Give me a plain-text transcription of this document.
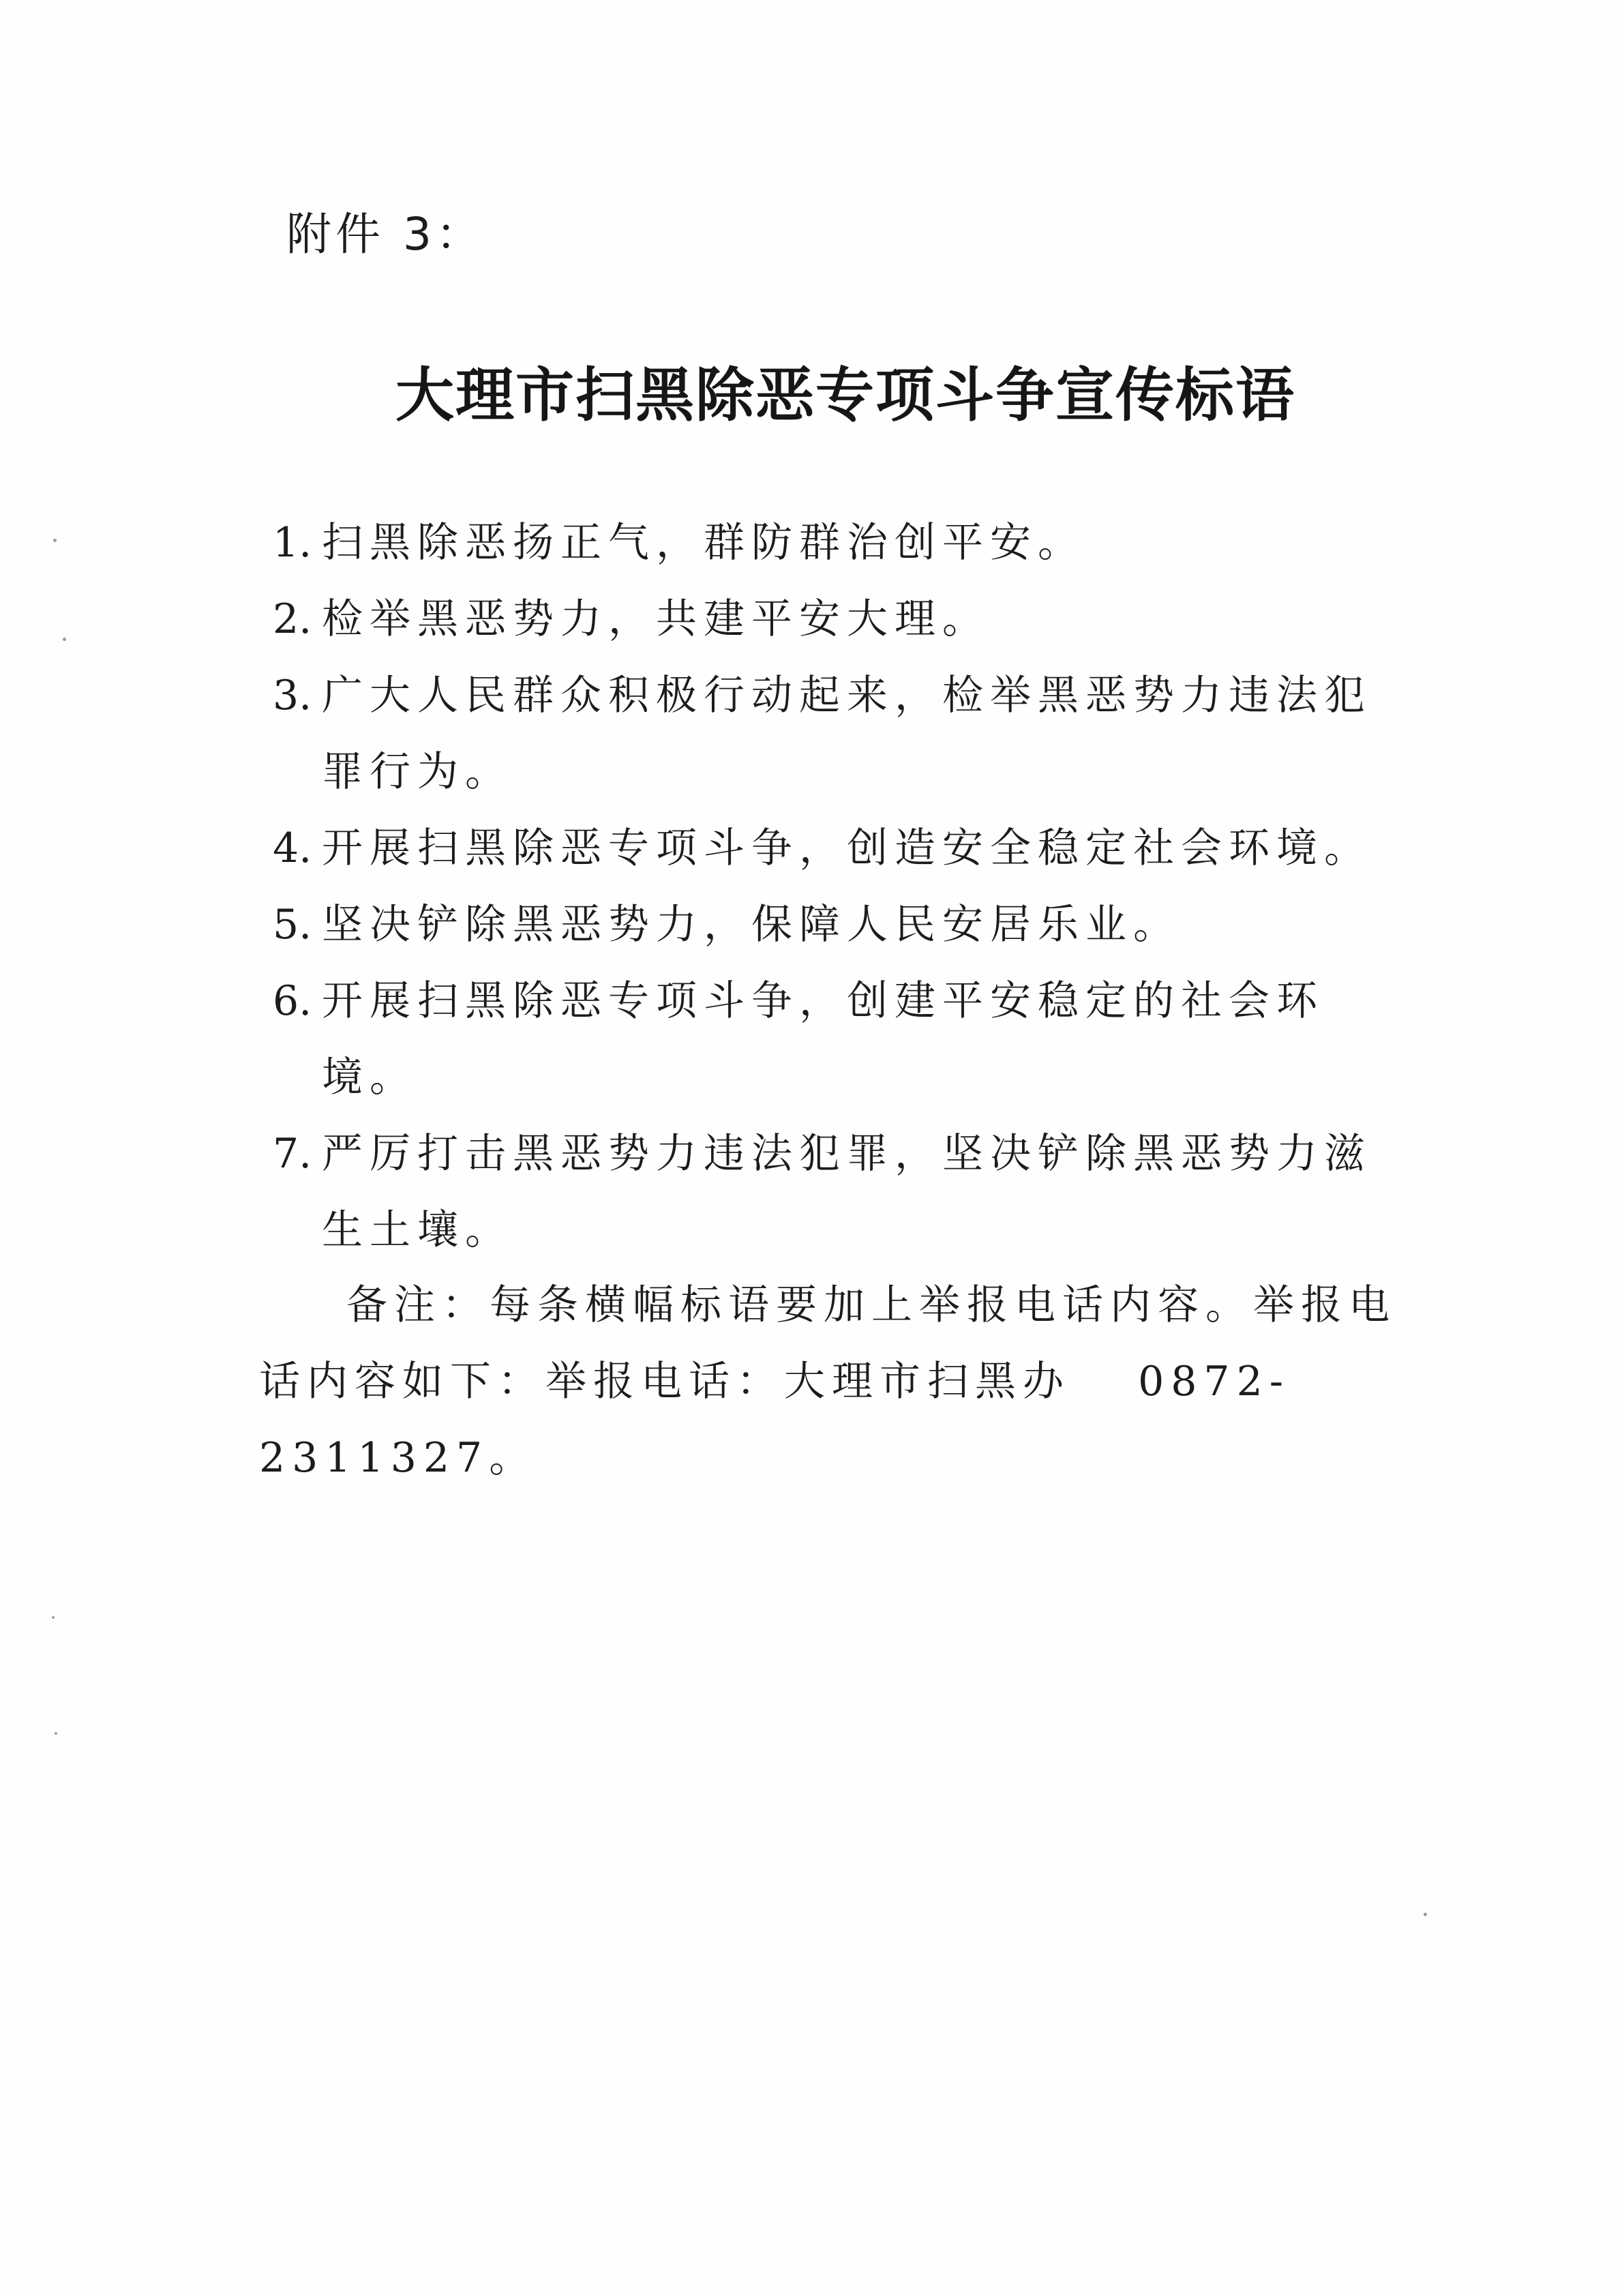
附件 3：
大理市扫黑除恶专项斗争宣传标语
1. 扫黑除恶扬正气，群防群治创平安。
2. 检举黑恶势力，共建平安大理。
3. 广大人民群众积极行动起来，检举黑恶势力违法犯罪行为。
4. 开展扫黑除恶专项斗争，创造安全稳定社会环境。
5. 坚决铲除黑恶势力，保障人民安居乐业。
6. 开展扫黑除恶专项斗争，创建平安稳定的社会环境。
7. 严厉打击黑恶势力违法犯罪，坚决铲除黑恶势力滋生土壤。

备注：每条横幅标语要加上举报电话内容。举报电话内容如下：举报电话：大理市扫黑办　 0872-2311327。
